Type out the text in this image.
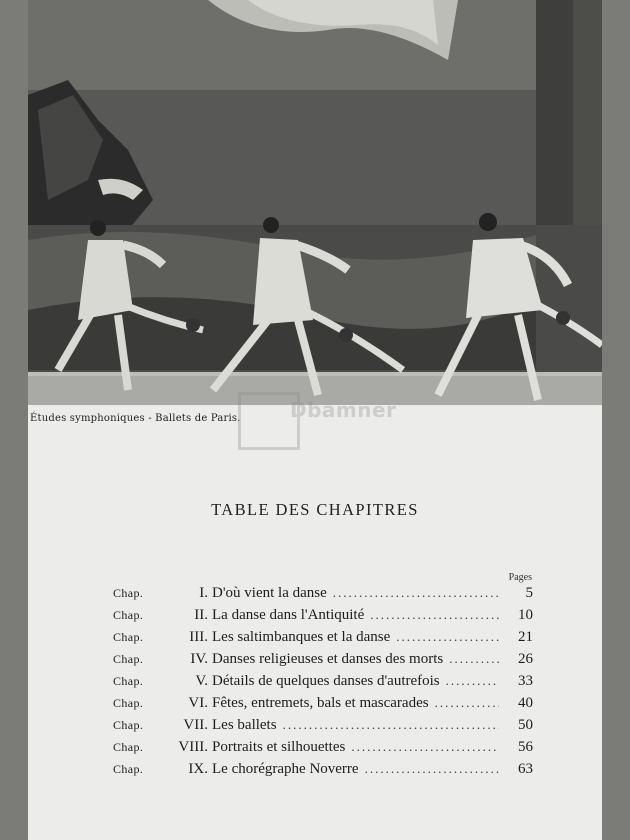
Études symphoniques - Ballets de Paris. Dbamner
TABLE DES CHAPITRES
Pages
Chap.	I. D'où vient la danse .....	5
Chap.	II. La danse dans l'Antiquité .....	10
Chap.	III. Les saltimbanques et la danse .....	21
Chap.	IV. Danses religieuses et danses des morts .....	26
Chap.	V. Détails de quelques danses d'autrefois .....	33
Chap.	VI. Fêtes, entremets, bals et mascarades .....	40
Chap.	VII. Les ballets .....	50
Chap.	VIII. Portraits et silhouettes .....	56
Chap.	IX. Le chorégraphe Noverre .....	63
